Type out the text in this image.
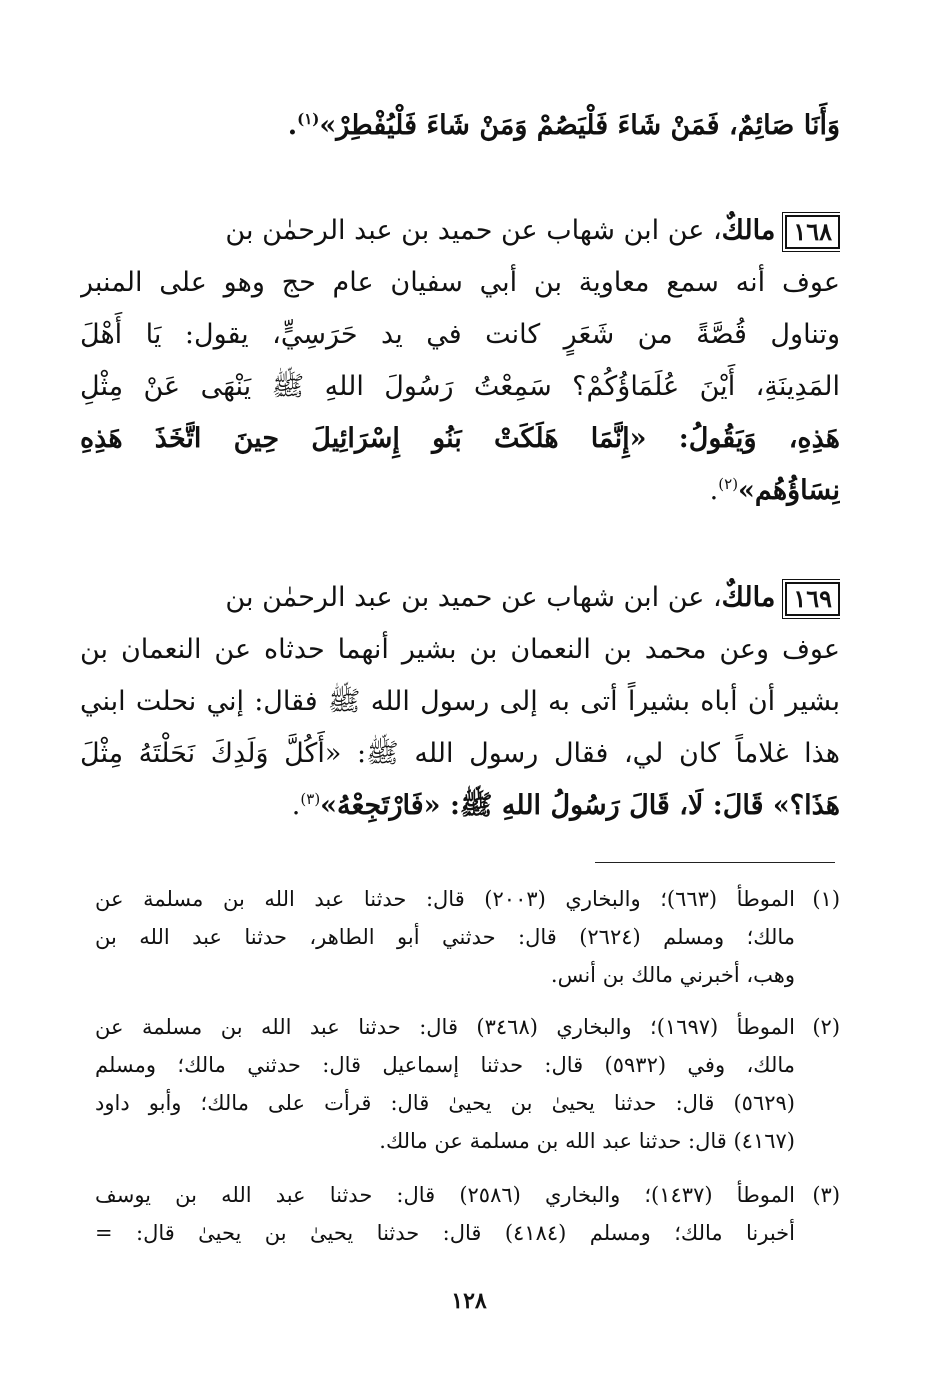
وَأَنَا صَائِمٌ، فَمَنْ شَاءَ فَلْيَصُمْ وَمَنْ شَاءَ فَلْيُفْطِرْ»$^{(١)}$.
١٦٨مالكٌ، عن ابن شهاب عن حميد بن عبد الرحمٰن بن
عوف أنه سمع معاوية بن أبي سفيان عام حج وهو على المنبر
وتناول قُصَّةً من شَعَرٍ كانت في يد حَرَسِيٍّ، يقول: يَا أَهْلَ
المَدِينَةِ، أَيْنَ عُلَمَاؤُكُمْ؟ سَمِعْتُ رَسُولَ اللهِ ﷺ يَنْهَى عَنْ مِثْلِ
هَذِهِ، وَيَقُولُ: «إِنَّمَا هَلَكَتْ بَنُو إِسْرَائِيلَ حِينَ اتَّخَذَ هَذِهِ
نِسَاؤُهُم»$^{(٢)}$.
١٦٩مالكٌ، عن ابن شهاب عن حميد بن عبد الرحمٰن بن
عوف وعن محمد بن النعمان بن بشير أنهما حدثاه عن النعمان بن
بشير أن أباه بشيراً أتى به إلى رسول الله ﷺ فقال: إني نحلت ابني
هذا غلاماً كان لي، فقال رسول الله ﷺ: «أَكُلَّ وَلَدِكَ نَحَلْتَهُ مِثْلَ
هَذَا؟» قَالَ: لَا، قَالَ رَسُولُ اللهِ ﷺ: «فَارْتَجِعْهُ»$^{(٣)}$.
(١)الموطأ (٦٦٣)؛ والبخاري (٢٠٠٣) قال: حدثنا عبد الله بن مسلمة عن
مالك؛ ومسلم (٢٦٢٤) قال: حدثني أبو الطاهر، حدثنا عبد الله بن
وهب، أخبرني مالك بن أنس.
(٢)الموطأ (١٦٩٧)؛ والبخاري (٣٤٦٨) قال: حدثنا عبد الله بن مسلمة عن
مالك، وفي (٥٩٣٢) قال: حدثنا إسماعيل قال: حدثني مالك؛ ومسلم
(٥٦٢٩) قال: حدثنا يحيىٰ بن يحيىٰ قال: قرأت على مالك؛ وأبو داود
(٤١٦٧) قال: حدثنا عبد الله بن مسلمة عن مالك.
(٣)الموطأ (١٤٣٧)؛ والبخاري (٢٥٨٦) قال: حدثنا عبد الله بن يوسف
أخبرنا مالك؛ ومسلم (٤١٨٤) قال: حدثنا يحيىٰ بن يحيىٰ قال: =
١٢٨
